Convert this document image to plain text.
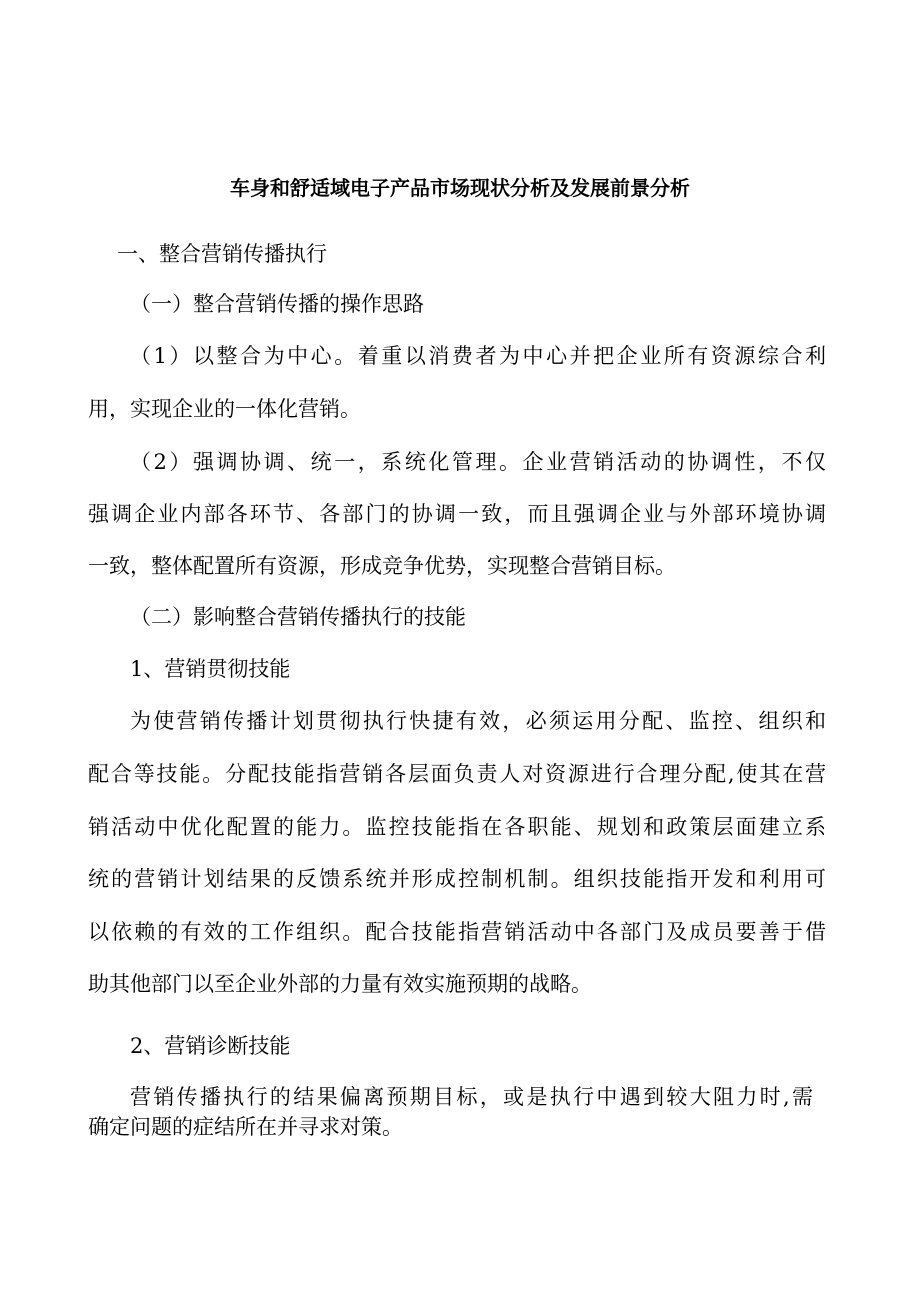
车身和舒适域电子产品市场现状分析及发展前景分析

一、整合营销传播执行

（一）整合营销传播的操作思路

（1）以整合为中心。着重以消费者为中心并把企业所有资源综合利

用，实现企业的一体化营销。

（2）强调协调、统一，系统化管理。企业营销活动的协调性，不仅

强调企业内部各环节、各部门的协调一致，而且强调企业与外部环境协调

一致，整体配置所有资源，形成竞争优势，实现整合营销目标。

（二）影响整合营销传播执行的技能

1、营销贯彻技能

为使营销传播计划贯彻执行快捷有效，必须运用分配、监控、组织和

配合等技能。分配技能指营销各层面负责人对资源进行合理分配,使其在营

销活动中优化配置的能力。监控技能指在各职能、规划和政策层面建立系

统的营销计划结果的反馈系统并形成控制机制。组织技能指开发和利用可

以依赖的有效的工作组织。配合技能指营销活动中各部门及成员要善于借

助其他部门以至企业外部的力量有效实施预期的战略。

2、营销诊断技能

营销传播执行的结果偏离预期目标，或是执行中遇到较大阻力时,需

确定问题的症结所在并寻求对策。
